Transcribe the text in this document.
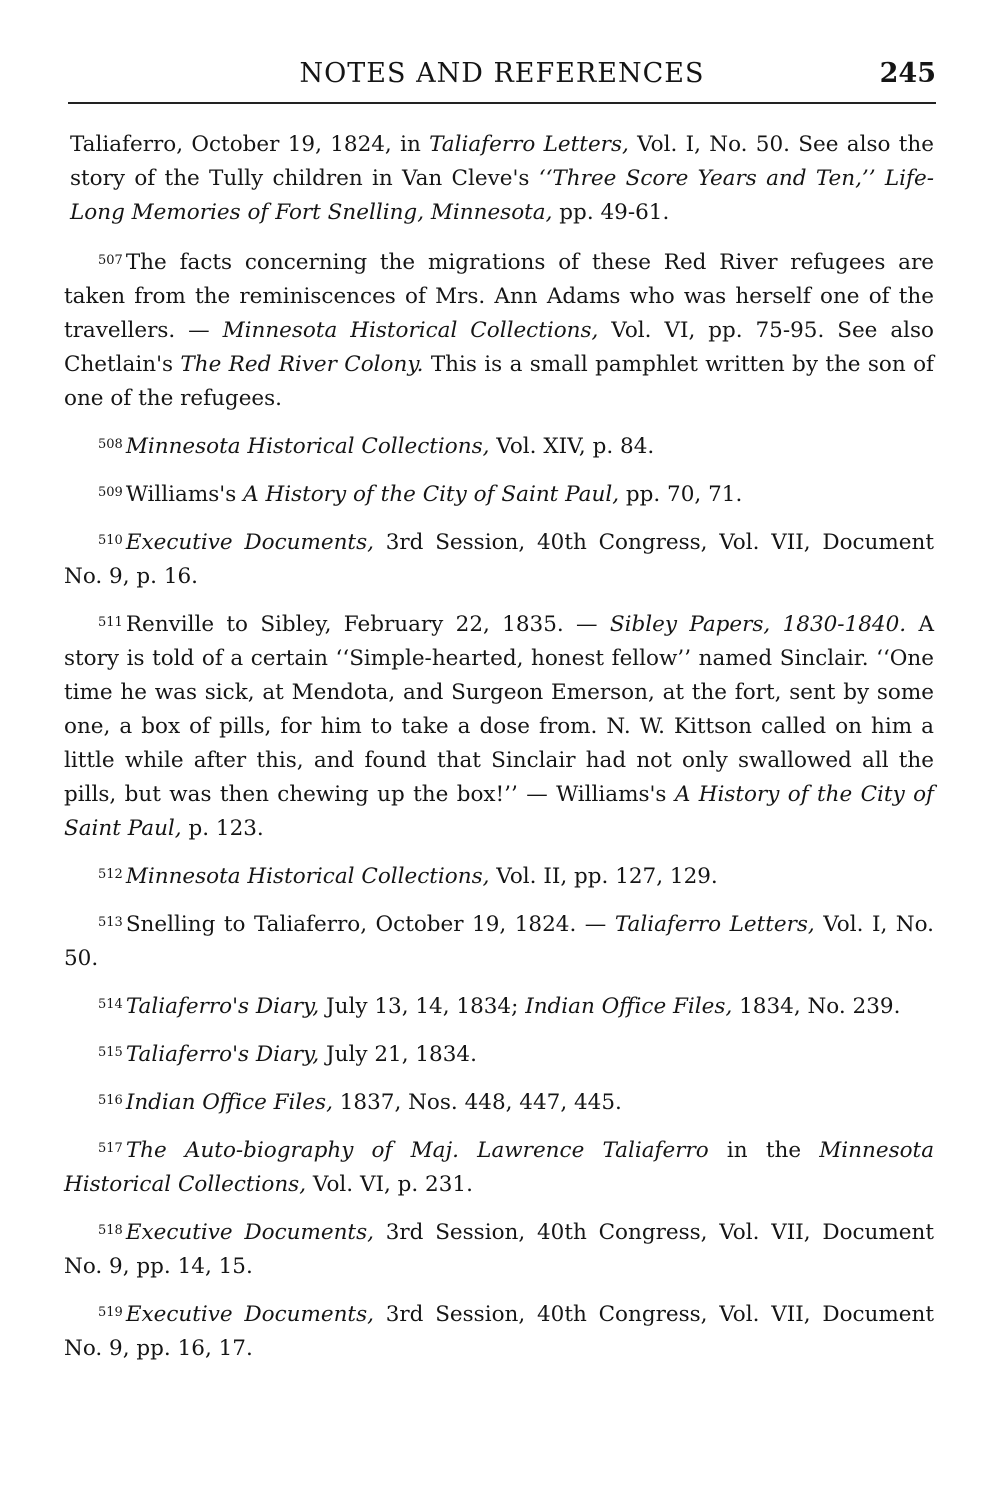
NOTES AND REFERENCES	245

Taliaferro, October 19, 1824, in Taliaferro Letters, Vol. I, No. 50. See also the story of the Tully children in Van Cleve's ‘‘Three Score Years and Ten,’’ Life-Long Memories of Fort Snelling, Minnesota, pp. 49-61.

$^{507}$ The facts concerning the migrations of these Red River refugees are taken from the reminiscences of Mrs. Ann Adams who was herself one of the travellers. — Minnesota Historical Collections, Vol. VI, pp. 75-95. See also Chetlain's The Red River Colony. This is a small pamphlet written by the son of one of the refugees.

$^{508}$ Minnesota Historical Collections, Vol. XIV, p. 84.

$^{509}$ Williams's A History of the City of Saint Paul, pp. 70, 71.

$^{510}$ Executive Documents, 3rd Session, 40th Congress, Vol. VII, Document No. 9, p. 16.

$^{511}$ Renville to Sibley, February 22, 1835. — Sibley Papers, 1830-1840. A story is told of a certain ‘‘Simple-hearted, honest fellow’’ named Sinclair. ‘‘One time he was sick, at Mendota, and Surgeon Emerson, at the fort, sent by some one, a box of pills, for him to take a dose from. N. W. Kittson called on him a little while after this, and found that Sinclair had not only swallowed all the pills, but was then chewing up the box!’’ — Williams's A History of the City of Saint Paul, p. 123.

$^{512}$ Minnesota Historical Collections, Vol. II, pp. 127, 129.

$^{513}$ Snelling to Taliaferro, October 19, 1824. — Taliaferro Letters, Vol. I, No. 50.

$^{514}$ Taliaferro's Diary, July 13, 14, 1834; Indian Office Files, 1834, No. 239.

$^{515}$ Taliaferro's Diary, July 21, 1834.

$^{516}$ Indian Office Files, 1837, Nos. 448, 447, 445.

$^{517}$ The Auto-biography of Maj. Lawrence Taliaferro in the Minnesota Historical Collections, Vol. VI, p. 231.

$^{518}$ Executive Documents, 3rd Session, 40th Congress, Vol. VII, Document No. 9, pp. 14, 15.

$^{519}$ Executive Documents, 3rd Session, 40th Congress, Vol. VII, Document No. 9, pp. 16, 17.
